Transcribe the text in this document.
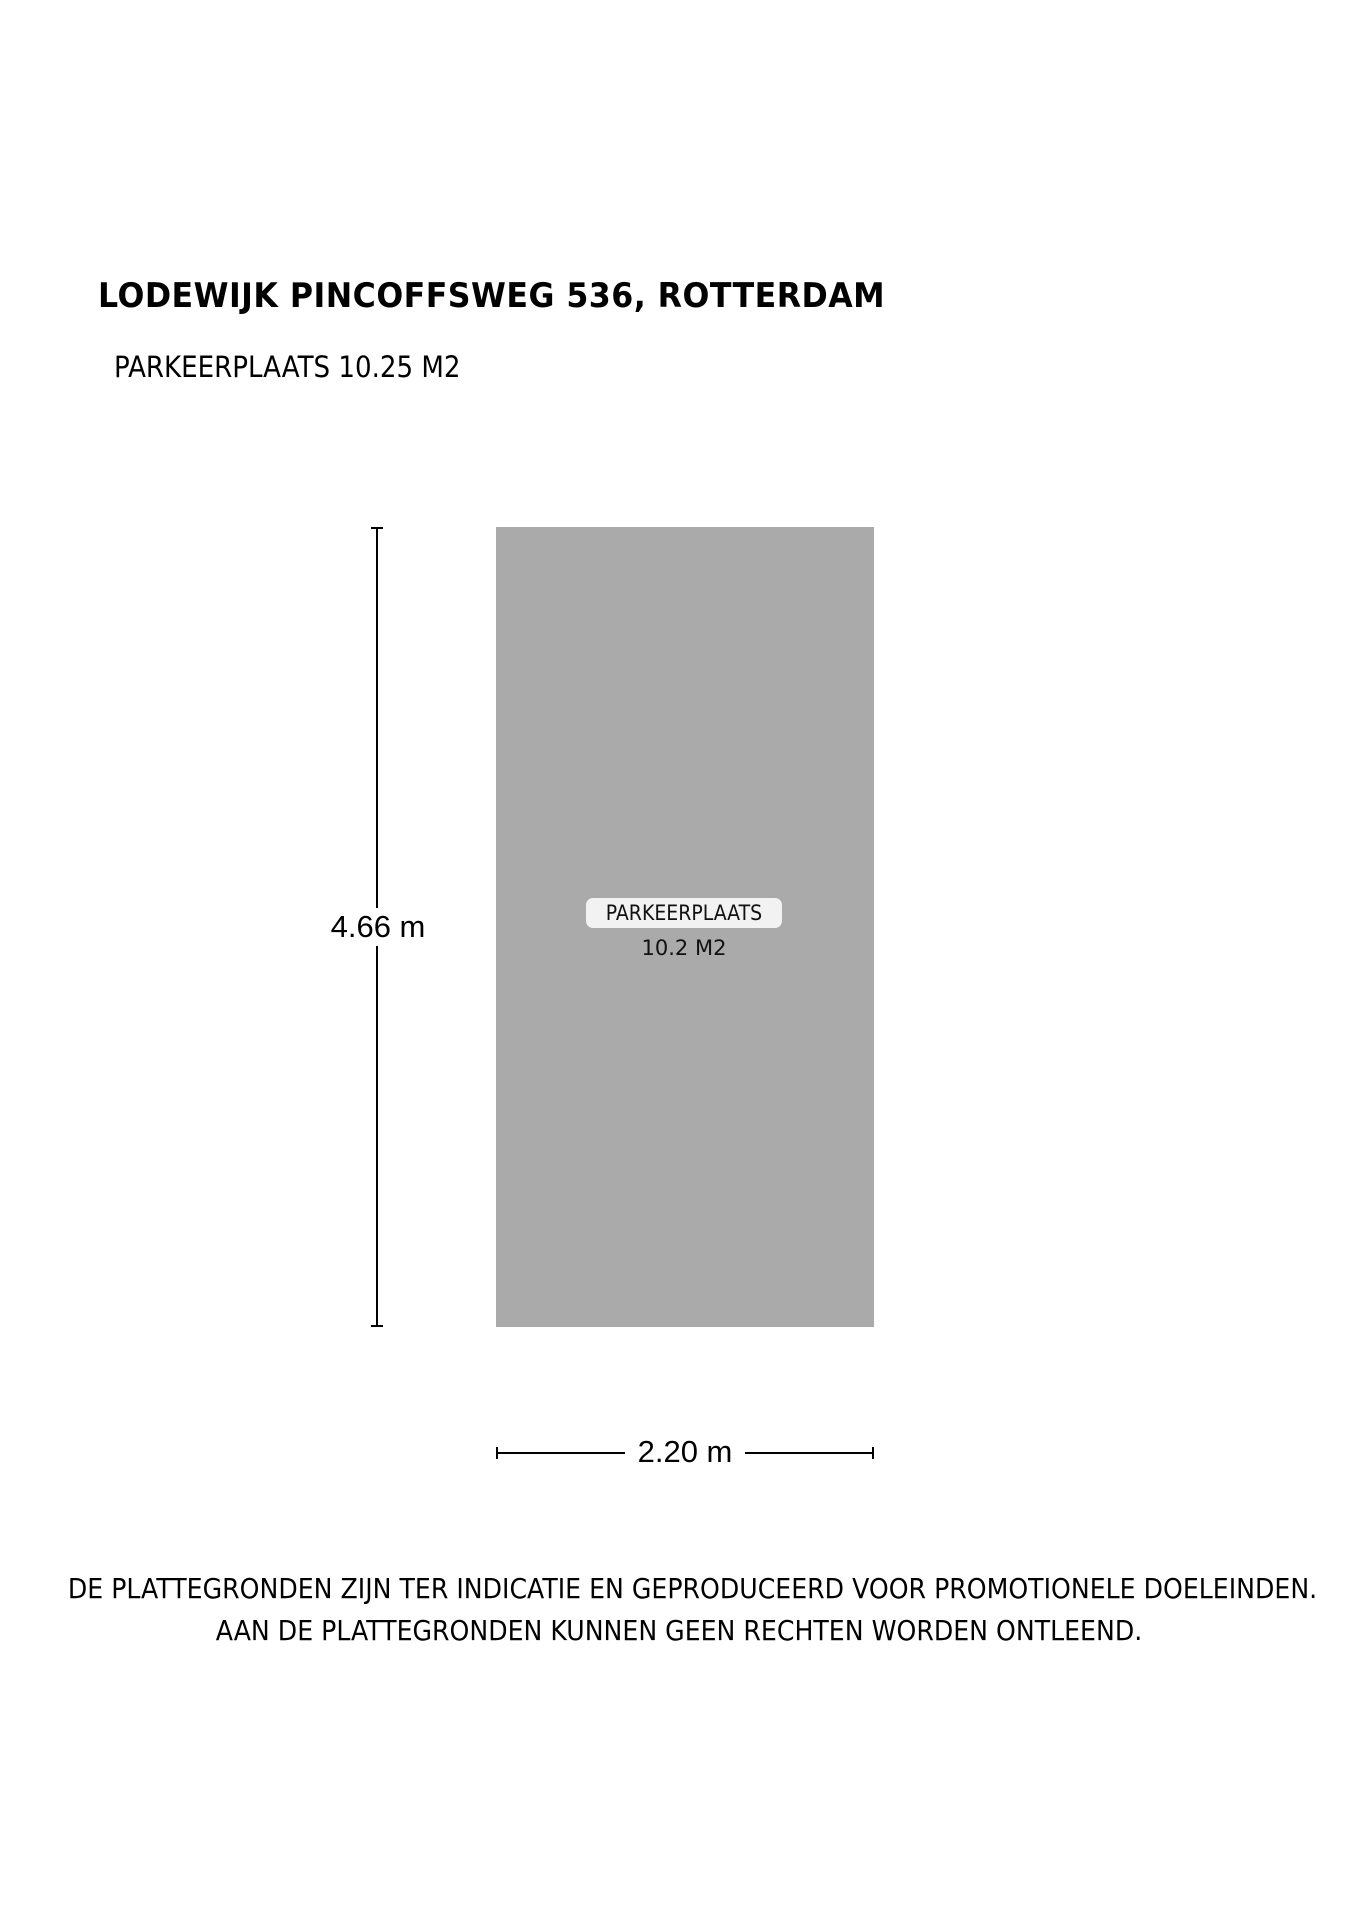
LODEWIJK PINCOFFSWEG 536, ROTTERDAM
PARKEERPLAATS 10.25 M2
PARKEERPLAATS
10.2 M2
4.66 m
2.20 m
DE PLATTEGRONDEN ZIJN TER INDICATIE EN GEPRODUCEERD VOOR PROMOTIONELE DOELEINDEN.
AAN DE PLATTEGRONDEN KUNNEN GEEN RECHTEN WORDEN ONTLEEND.
